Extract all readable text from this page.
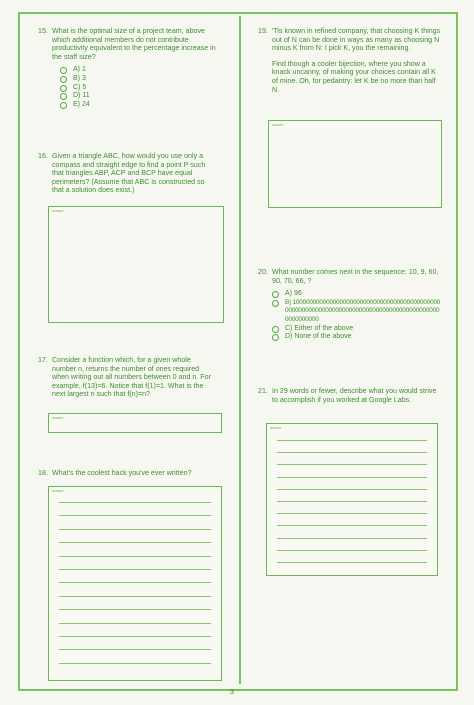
15. What is the optimal size of a project team, above which additional members do not contribute productivity equivalent to the percentage increase in the staff size?
A) 1
B) 3
C) 5
D) 11
E) 24
16. Given a triangle ABC, how would you use only a compass and straight edge to find a point P such that triangles ABP, ACP and BCP have equal perimeters? (Assume that ABC is constructed so that a solution does exist.)
answer:
17. Consider a function which, for a given whole number n, returns the number of ones required when writing out all numbers between 0 and n. For example, f(13)=6. Notice that f(1)=1. What is the next largest n such that f(n)=n?
answer:
18. What's the coolest hack you've ever written?
answer:
19. 'Tis known in refined company, that choosing K things out of N can be done in ways as many as choosing N minus K from N: I pick K, you the remaining.
Find though a cooler bijection, where you show a knack uncanny, of making your choices contain all K of mine. Oh, for pedantry: let K be no more than half N.
answer:
20. What number comes next in the sequence: 10, 9, 60, 90, 70, 66, ?
A) 96
B) 1000000000000000000000000000000000000000000000000000000000000000000000000000000000000000000000000000
C) Either of the above
D) None of the above
21. In 29 words or fewer, describe what you would strive to accomplish if you worked at Google Labs.
answer:
3
